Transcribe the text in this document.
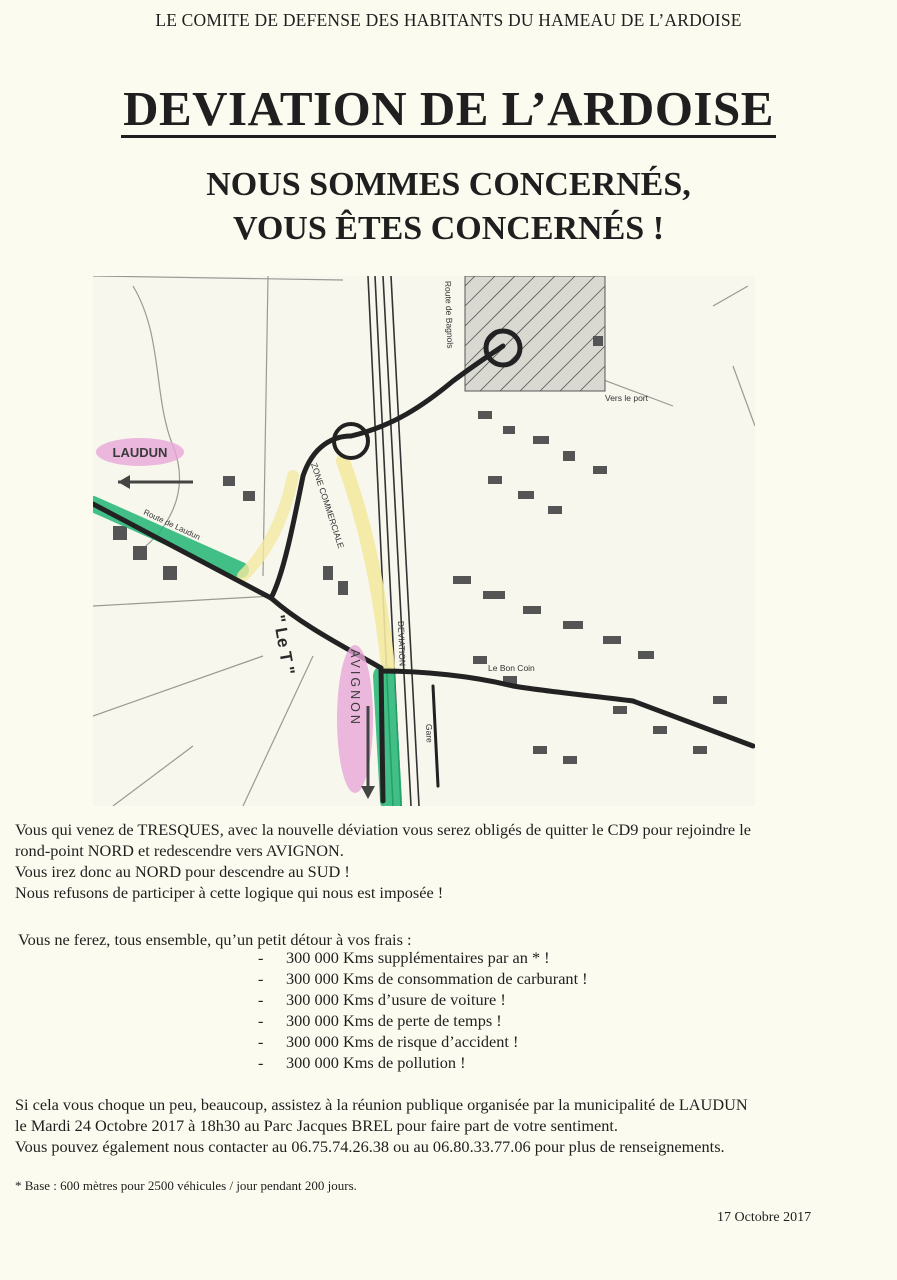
LE COMITE DE DEFENSE DES HABITANTS DU HAMEAU DE L’ARDOISE
DEVIATION DE L’ARDOISE
NOUS SOMMES CONCERNÉS,
VOUS ÊTES CONCERNÉS !
LAUDUN
AVIGNON
" Le T "
Route de Bagnols
ZONE COMMERCIALE
DEVIATION
Vers le port
Le Bon Coin
Gare
Route de Laudun
Vous qui venez de TRESQUES, avec la nouvelle déviation vous serez obligés de quitter le CD9 pour rejoindre le
rond-point NORD et redescendre vers AVIGNON.
Vous irez donc au NORD pour descendre au SUD !
Nous refusons de participer à cette logique qui nous est imposée !
Vous ne ferez, tous ensemble, qu’un petit détour à vos frais :
- 300 000 Kms supplémentaires par an * !
- 300 000 Kms de consommation de carburant !
- 300 000 Kms d’usure de voiture !
- 300 000 Kms de perte de temps !
- 300 000 Kms de risque d’accident !
- 300 000 Kms de pollution !
Si cela vous choque un peu, beaucoup, assistez à la réunion publique organisée par la municipalité de LAUDUN
le Mardi 24 Octobre 2017 à 18h30 au Parc Jacques BREL pour faire part de votre sentiment.
Vous pouvez également nous contacter au 06.75.74.26.38 ou au 06.80.33.77.06 pour plus de renseignements.
* Base : 600 mètres pour 2500 véhicules / jour pendant 200 jours.
17 Octobre 2017
